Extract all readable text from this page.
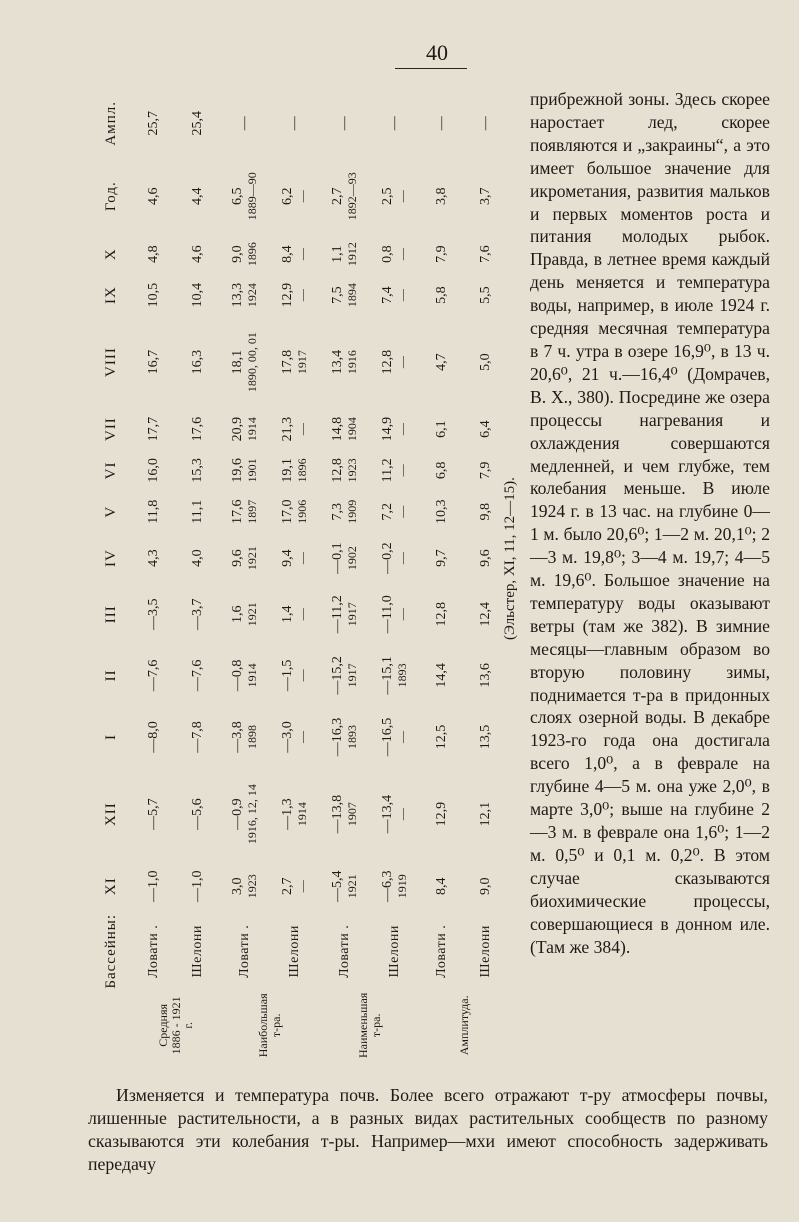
40
	Бассейны:	XI	XII	I	II	III	IV	V	VI	VII	VIII	IX	X	Год.	Ампл.
Средняя 1886 - 1921 г.	Ловати .	—1,0	—5,7	—8,0	—7,6	—3,5	4,3	11,8	16,0	17,7	16,7	10,5	4,8	4,6	25,7

	Шелони	—1,0	—5,6	—7,8	—7,6	—3,7	4,0	11,1	15,3	17,6	16,3	10,4	4,6	4,4	25,4

Наибольшая т-ра.	Ловати .	3,0 1923	—0,9 1916, 12, 14	—3,8 1898	—0,8 1914	1,6 1921	9,6 1921	17,6 1897	19,6 1901	20,9 1914	18,1 1890, 00, 01	13,3 1924	9,0 1896	6,5 1889—90	—

	Шелони	2,7 —	—1,3 1914	—3,0 —	—1,5 —	1,4 —	9,4 —	17,0 1906	19,1 1896	21,3 —	17,8 1917	12,9 —	8,4 —	6,2 —	—

Наименьшая т-ра.	Ловати .	—5,4 1921	—13,8 1907	—16,3 1893	—15,2 1917	—11,2 1917	—0,1 1902	7,3 1909	12,8 1923	14,8 1904	13,4 1916	7,5 1894	1,1 1912	2,7 1892—93	—

	Шелони	—6,3 1919	—13,4 —	—16,5 —	—15,1 1893	—11,0 —	—0,2 —	7,2 —	11,2 —	14,9 —	12,8 —	7,4 —	0,8 —	2,5 —	—

Амплитуда.	Ловати .	8,4	12,9	12,5	14,4	12,8	9,7	10,3	6,8	6,1	4,7	5,8	7,9	3,8	—

	Шелони	9,0	12,1	13,5	13,6	12,4	9,6	9,8	7,9	6,4	5,0	5,5	7,6	3,7	—
(Эльстер, XI, 11, 12—15).

прибрежной зоны. Здесь скорее наростает лед, скорее появляются и „закраины“, а это имеет большое значение для икрометания, развития мальков и первых моментов роста и питания молодых рыбок. Правда, в летнее время каждый день меняется и температура воды, например, в июле 1924 г. средняя месячная температура в 7 ч. утра в озере 16,9⁰, в 13 ч. 20,6⁰, 21 ч.—16,4⁰ (Домрачев, В. Х., 380). Посредине же озера процессы нагревания и охлаждения совершаются медленней, и чем глубже, тем колебания меньше. В июле 1924 г. в 13 час. на глубине 0—1 м. было 20,6⁰; 1—2 м. 20,1⁰; 2—3 м. 19,8⁰; 3—4 м. 19,7; 4—5 м. 19,6⁰. Большое значение на температуру воды оказывают ветры (там же 382). В зимние месяцы—главным образом во вторую половину зимы, поднимается т-ра в придонных слоях озерной воды. В декабре 1923-го года она достигала всего 1,0⁰, а в феврале на глубине 4—5 м. она уже 2,0⁰, в марте 3,0⁰; выше на глубине 2—3 м. в феврале она 1,6⁰; 1—2 м. 0,5⁰ и 0,1 м. 0,2⁰. В этом случае сказываются биохимические процессы, совершающиеся в донном иле. (Там же 384).

Изменяется и температура почв. Более всего отражают т-ру атмосферы почвы, лишенные растительности, а в разных видах растительных сообществ по разному сказываются эти колебания т-ры. Например—мхи имеют способность задерживать передачу
